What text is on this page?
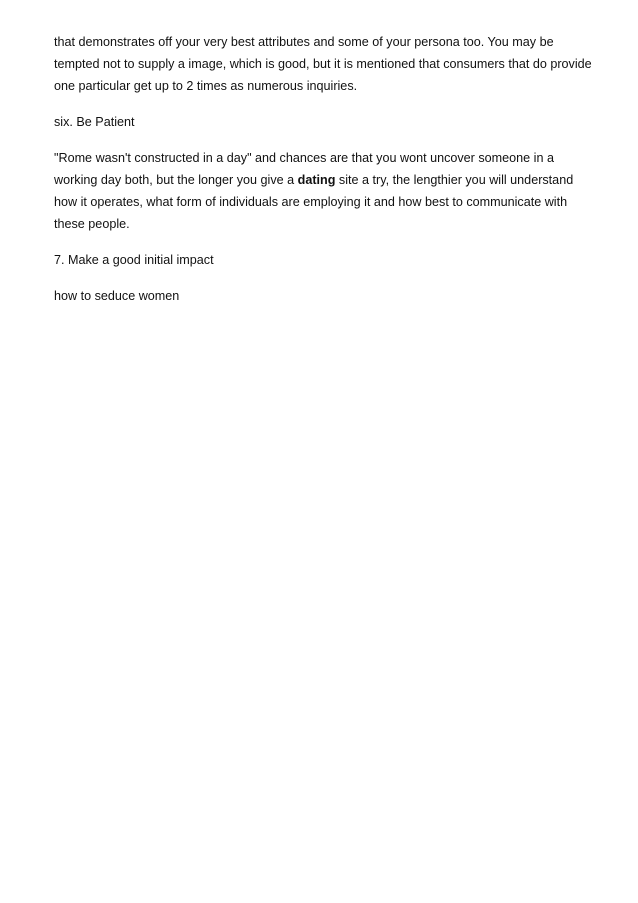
that demonstrates off your very best attributes and some of your persona too. You may be tempted not to supply a image, which is good, but it is mentioned that consumers that do provide one particular get up to 2 times as numerous inquiries.

six. Be Patient

"Rome wasn't constructed in a day" and chances are that you wont uncover someone in a working day both, but the longer you give a dating site a try, the lengthier you will understand how it operates, what form of individuals are employing it and how best to communicate with these people.

7. Make a good initial impact

how to seduce women
